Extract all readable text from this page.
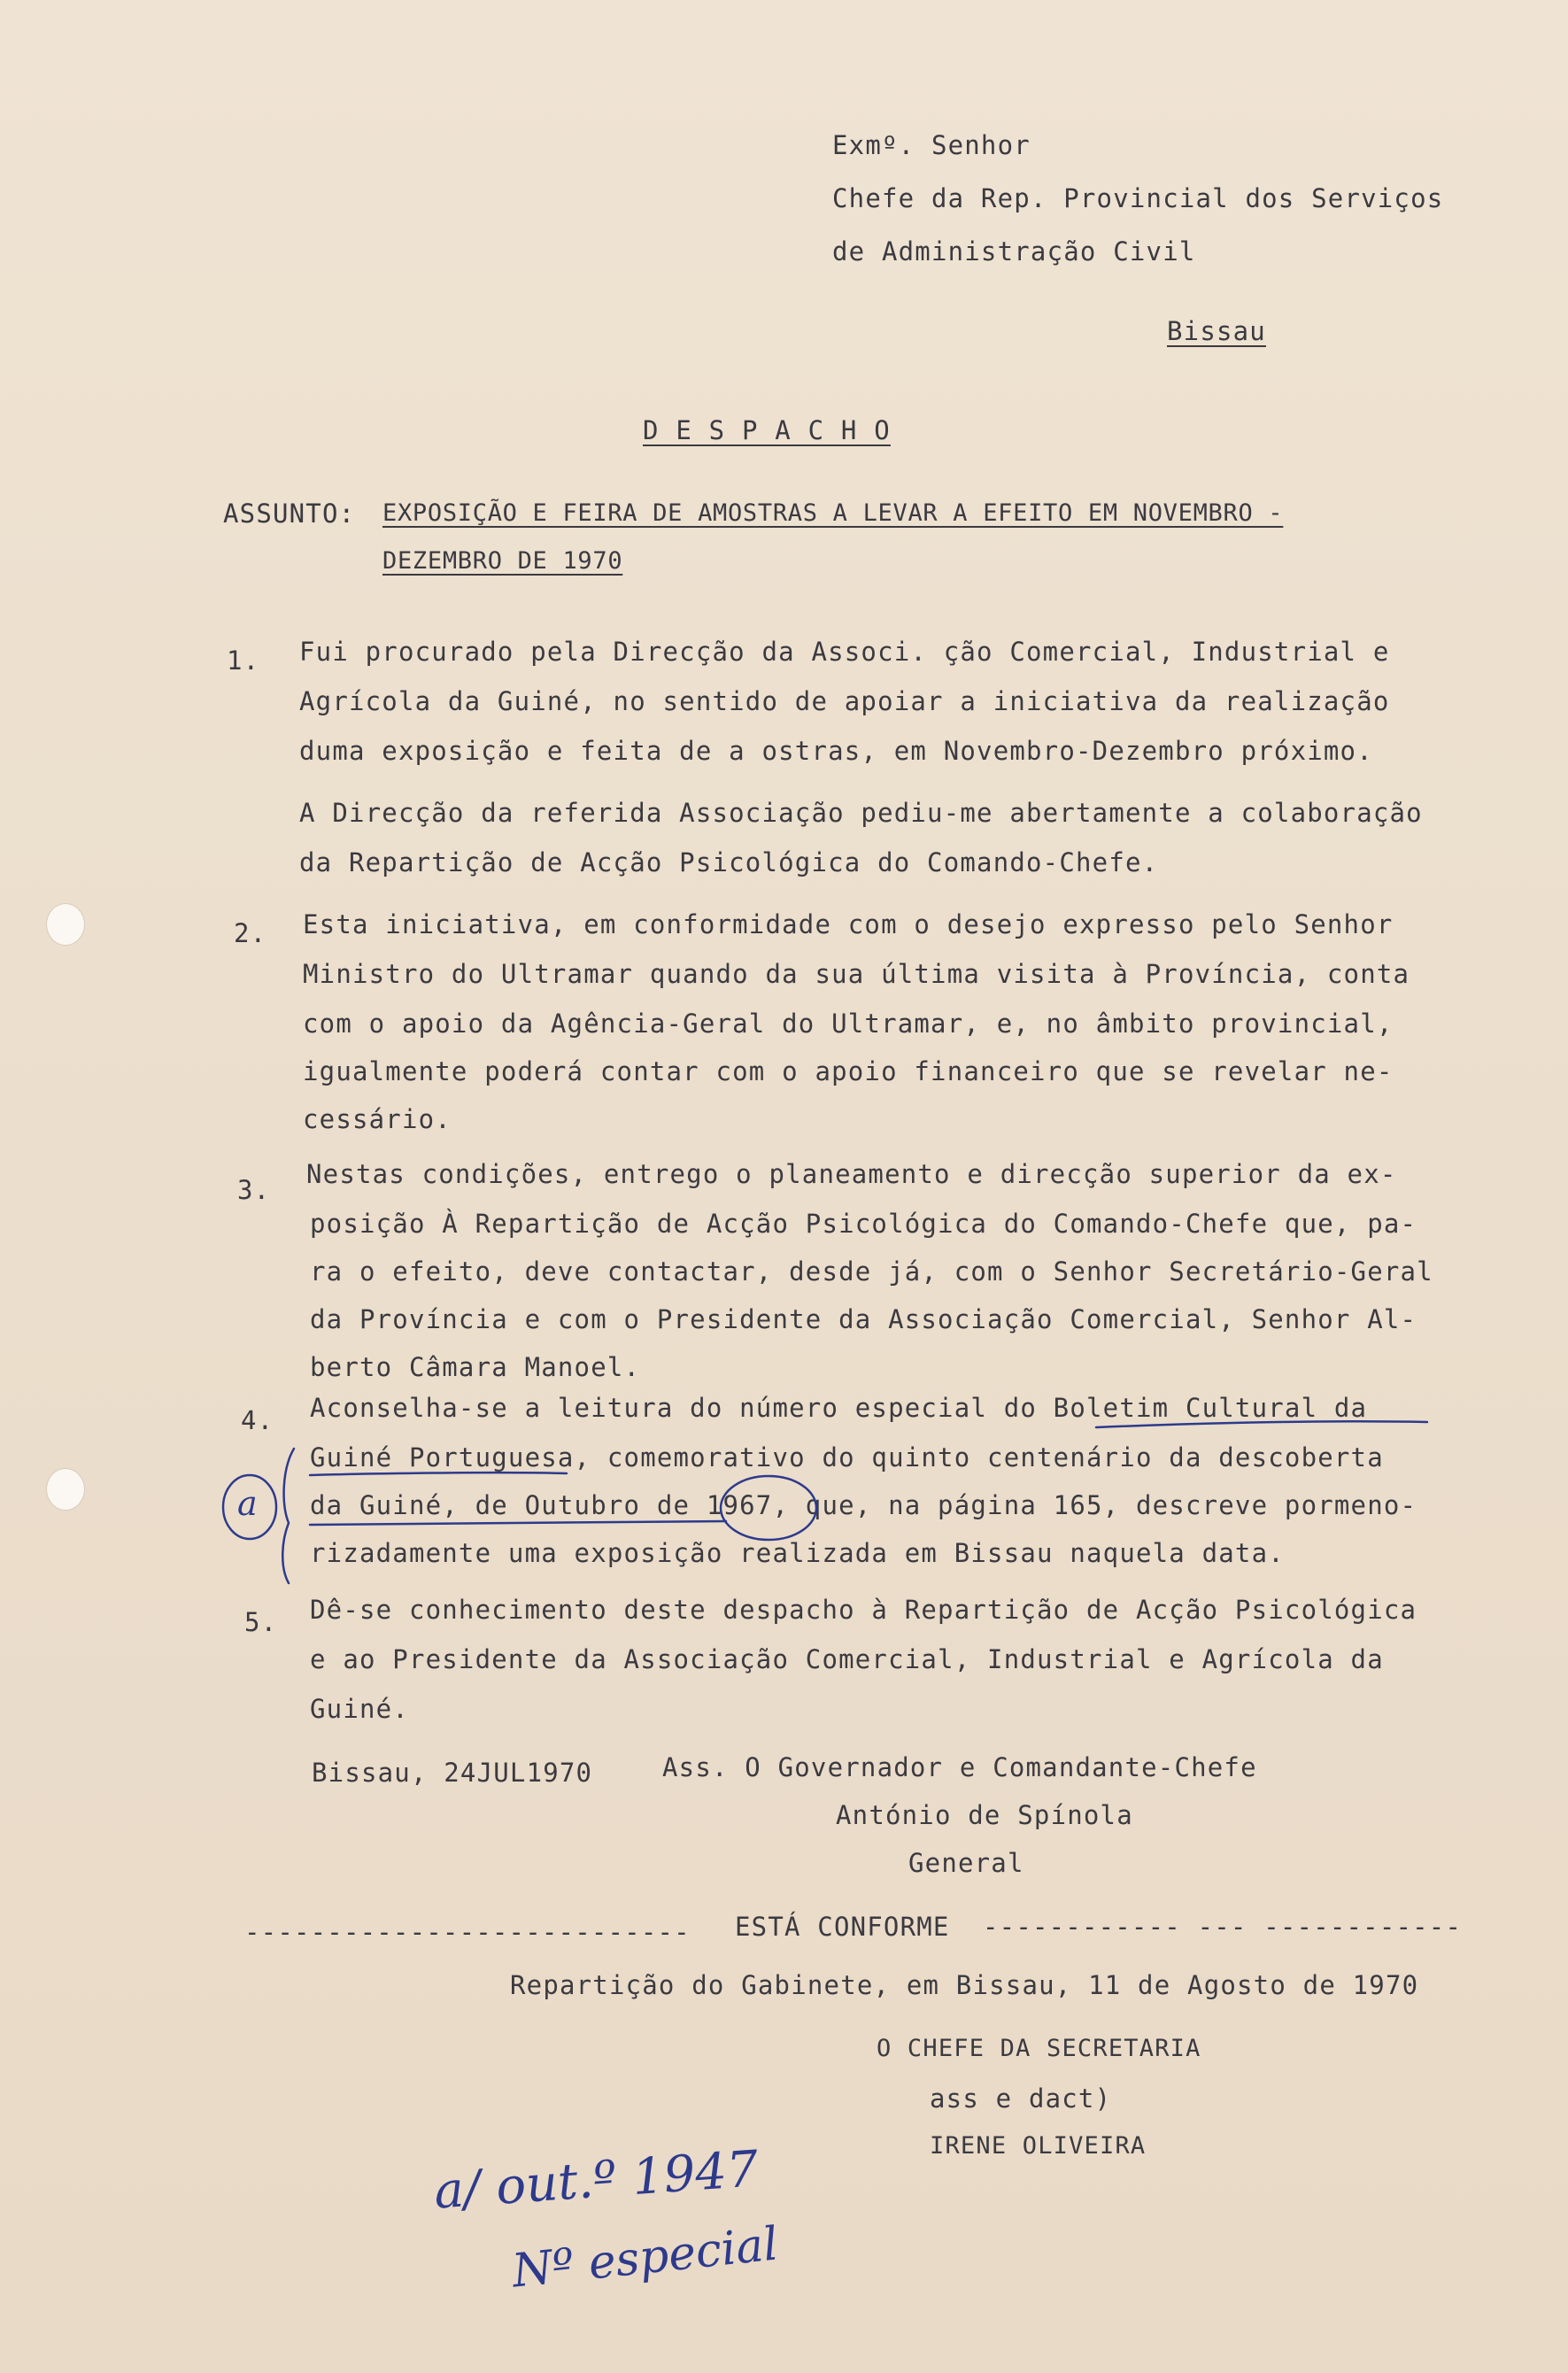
Exmº. Senhor
Chefe da Rep. Provincial dos Serviços
de Administração Civil
Bissau
D E S P A C H O
ASSUNTO: EXPOSIÇÃO E FEIRA DE AMOSTRAS A LEVAR A EFEITO EM NOVEMBRO -
DEZEMBRO DE 1970
1. Fui procurado pela Direcção da Associ. ção Comercial, Industrial e
Agrícola da Guiné, no sentido de apoiar a iniciativa da realização
duma exposição e feita de a ostras, em Novembro-Dezembro próximo.
A Direcção da referida Associação pediu-me abertamente a colaboração
da Repartição de Acção Psicológica do Comando-Chefe.
2. Esta iniciativa, em conformidade com o desejo expresso pelo Senhor
Ministro do Ultramar quando da sua última visita à Província, conta
com o apoio da Agência-Geral do Ultramar, e, no âmbito provincial,
igualmente poderá contar com o apoio financeiro que se revelar ne-
cessário.
3.
Nestas condições, entrego o planeamento e direcção superior da ex-
posição À Repartição de Acção Psicológica do Comando-Chefe que, pa-
ra o efeito, deve contactar, desde já, com o Senhor Secretário-Geral
da Província e com o Presidente da Associação Comercial, Senhor Al-
berto Câmara Manoel.
4. Aconselha-se a leitura do número especial do Boletim Cultural da
Guiné Portuguesa, comemorativo do quinto centenário da descoberta
da Guiné, de Outubro de 1967, que, na página 165, descreve pormeno-
rizadamente uma exposição realizada em Bissau naquela data.
5. Dê-se conhecimento deste despacho à Repartição de Acção Psicológica
e ao Presidente da Associação Comercial, Industrial e Agrícola da
Guiné.
Bissau, 24JUL1970	Ass. O Governador e Comandante-Chefe
António de Spínola
General
--------------------------- ESTÁ CONFORME ------------ --- ------------
Repartição do Gabinete, em Bissau, 11 de Agosto de 1970
O CHEFE DA SECRETARIA
ass e dact)
IRENE OLIVEIRA
a
a/ out.º 1947
Nº especial
